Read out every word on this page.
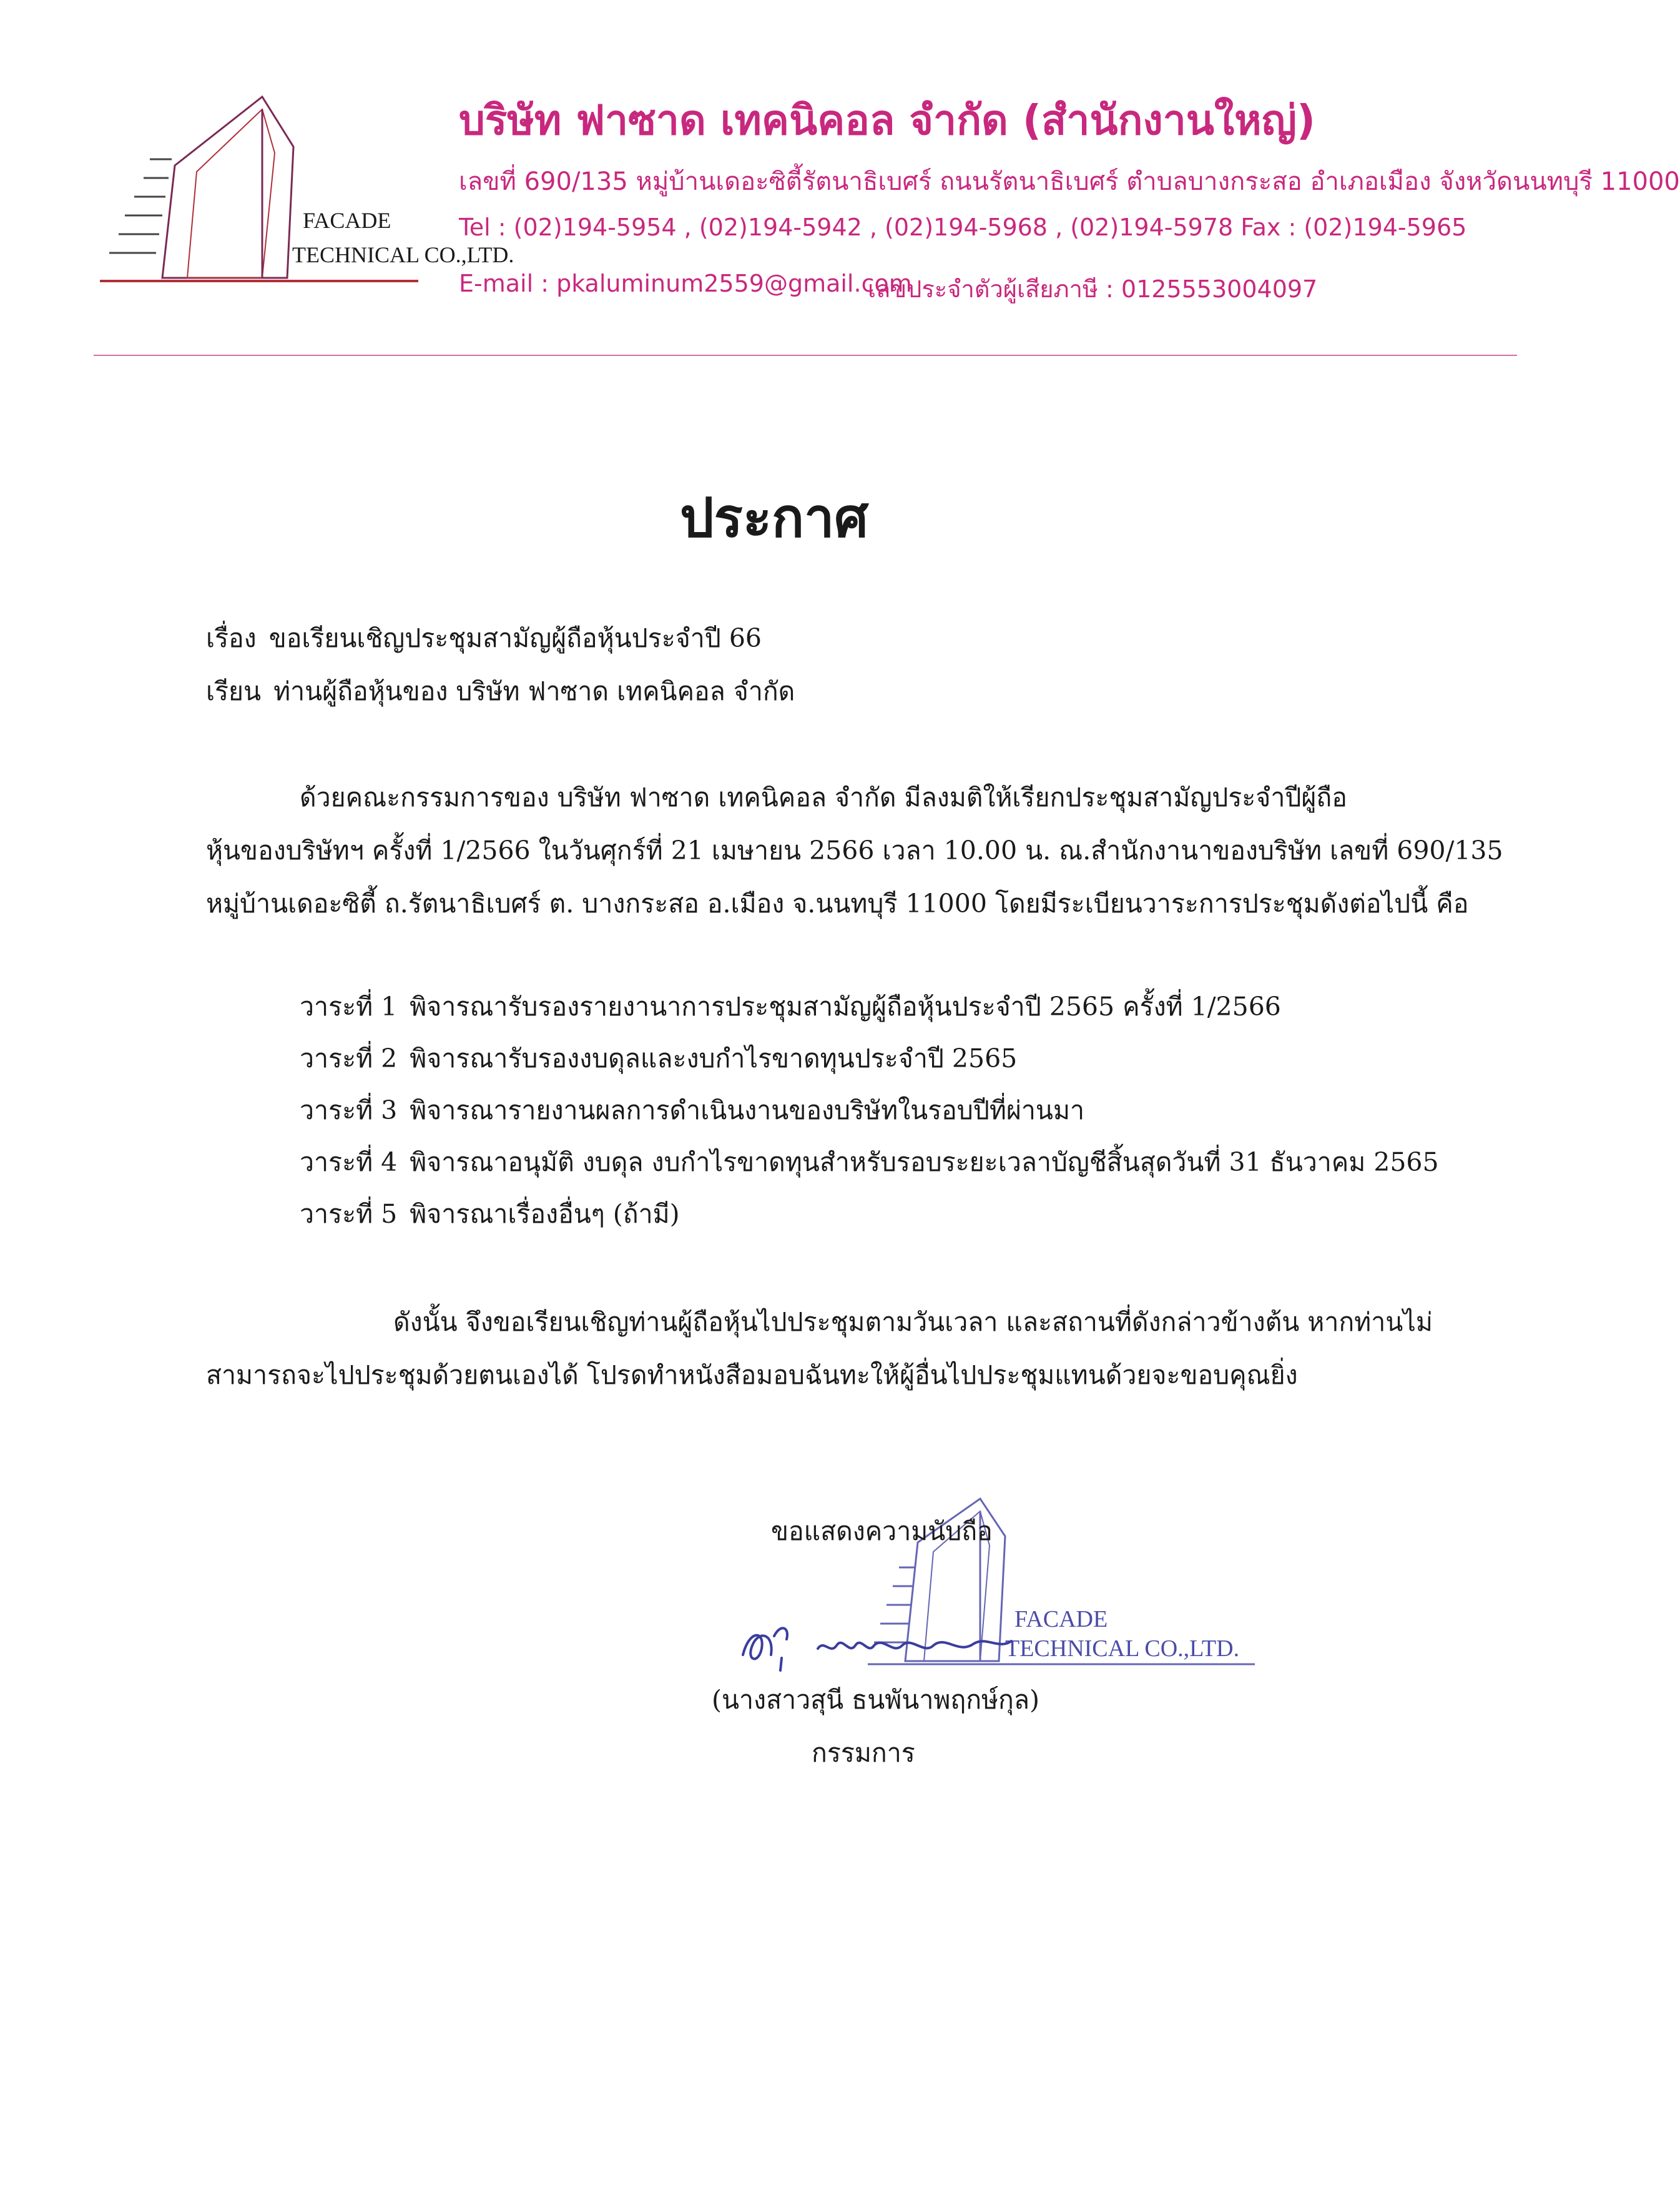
FACADE
TECHNICAL CO.,LTD.
บริษัท ฟาซาด เทคนิคอล จำกัด (สำนักงานใหญ่)
เลขที่ 690/135 หมู่บ้านเดอะซิตี้รัตนาธิเบศร์ ถนนรัตนาธิเบศร์ ตำบลบางกระสอ อำเภอเมือง จังหวัดนนทบุรี 11000
Tel : (02)194-5954 , (02)194-5942 , (02)194-5968 , (02)194-5978 Fax : (02)194-5965
E-mail : pkaluminum2559@gmail.com
เลขประจำตัวผู้เสียภาษี : 0125553004097
ประกาศ
เรื่อง ขอเรียนเชิญประชุมสามัญผู้ถือหุ้นประจำปี 66
เรียน ท่านผู้ถือหุ้นของ บริษัท ฟาซาด เทคนิคอล จำกัด
ด้วยคณะกรรมการของ บริษัท ฟาซาด เทคนิคอล จำกัด มีลงมติให้เรียกประชุมสามัญประจำปีผู้ถือ
หุ้นของบริษัทฯ ครั้งที่ 1/2566 ในวันศุกร์ที่ 21 เมษายน 2566 เวลา 10.00 น. ณ.สำนักงานาของบริษัท เลขที่ 690/135
หมู่บ้านเดอะซิตี้ ถ.รัตนาธิเบศร์ ต. บางกระสอ อ.เมือง จ.นนทบุรี 11000 โดยมีระเบียนวาระการประชุมดังต่อไปนี้ คือ
วาระที่ 1 พิจารณารับรองรายงานาการประชุมสามัญผู้ถือหุ้นประจำปี 2565 ครั้งที่ 1/2566
วาระที่ 2 พิจารณารับรองงบดุลและงบกำไรขาดทุนประจำปี 2565
วาระที่ 3 พิจารณารายงานผลการดำเนินงานของบริษัทในรอบปีที่ผ่านมา
วาระที่ 4 พิจารณาอนุมัติ งบดุล งบกำไรขาดทุนสำหรับรอบระยะเวลาบัญชีสิ้นสุดวันที่ 31 ธันวาคม 2565
วาระที่ 5 พิจารณาเรื่องอื่นๆ (ถ้ามี)
ดังนั้น จึงขอเรียนเชิญท่านผู้ถือหุ้นไปประชุมตามวันเวลา และสถานที่ดังกล่าวข้างต้น หากท่านไม่
สามารถจะไปประชุมด้วยตนเองได้ โปรดทำหนังสือมอบฉันทะให้ผู้อื่นไปประชุมแทนด้วยจะขอบคุณยิ่ง
FACADE
TECHNICAL CO.,LTD.
ขอแสดงความนับถือ
(นางสาวสุนี ธนพันาพฤกษ์กุล)
กรรมการ
